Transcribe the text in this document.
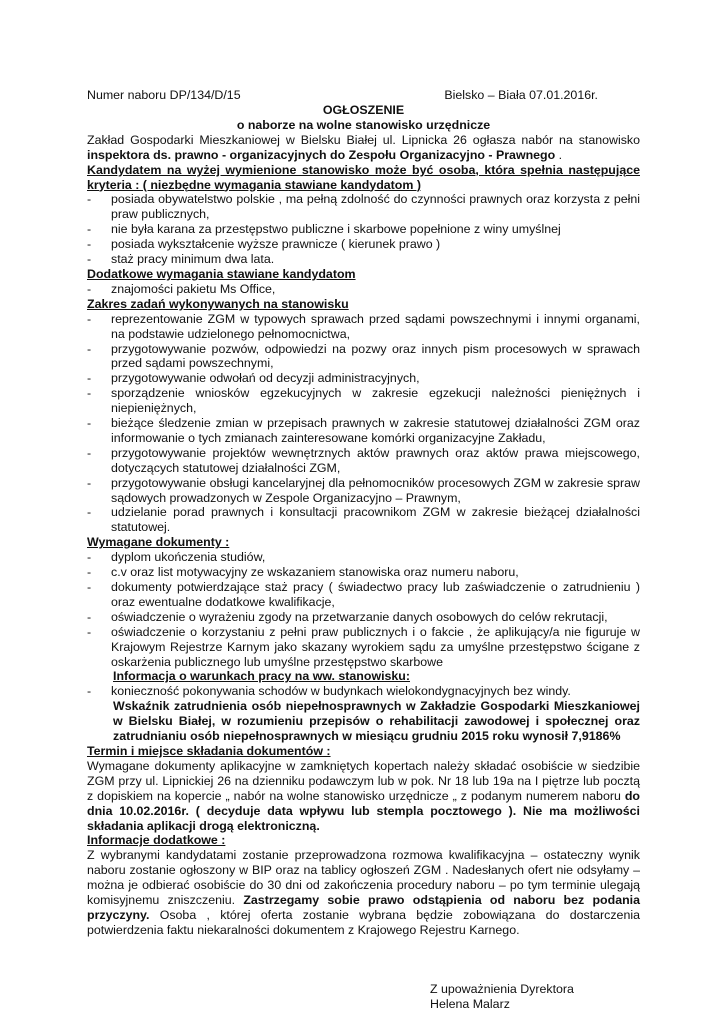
Numer naboru DP/134/D/15	Bielsko – Biała 07.01.2016r.
OGŁOSZENIE
o naborze na wolne stanowisko urzędnicze
Zakład Gospodarki Mieszkaniowej w Bielsku Białej ul. Lipnicka 26 ogłasza nabór na stanowisko inspektora ds. prawno - organizacyjnych do Zespołu Organizacyjno - Prawnego .
Kandydatem na wyżej wymienione stanowisko może być osoba, która spełnia następujące kryteria : ( niezbędne wymagania stawiane kandydatom )
- posiada obywatelstwo polskie , ma pełną zdolność do czynności prawnych oraz korzysta z pełni praw publicznych,
- nie była karana za przestępstwo publiczne i skarbowe popełnione z winy umyślnej
- posiada wykształcenie wyższe prawnicze ( kierunek prawo )
- staż pracy minimum dwa lata.
Dodatkowe wymagania stawiane kandydatom
- znajomości pakietu Ms Office,
Zakres zadań wykonywanych na stanowisku
- reprezentowanie ZGM w typowych sprawach przed sądami powszechnymi i innymi organami, na podstawie udzielonego pełnomocnictwa,
- przygotowywanie pozwów, odpowiedzi na pozwy oraz innych pism procesowych w sprawach przed sądami powszechnymi,
- przygotowywanie odwołań od decyzji administracyjnych,
- sporządzenie wniosków egzekucyjnych w zakresie egzekucji należności pieniężnych i niepieniężnych,
- bieżące śledzenie zmian w przepisach prawnych w zakresie statutowej działalności ZGM oraz informowanie o tych zmianach zainteresowane komórki organizacyjne Zakładu,
- przygotowywanie projektów wewnętrznych aktów prawnych oraz aktów prawa miejscowego, dotyczących statutowej działalności ZGM,
- przygotowywanie obsługi kancelaryjnej dla pełnomocników procesowych ZGM w zakresie spraw sądowych prowadzonych w Zespole Organizacyjno – Prawnym,
- udzielanie porad prawnych i konsultacji pracownikom ZGM w zakresie bieżącej działalności statutowej.
Wymagane dokumenty :
- dyplom ukończenia studiów,
- c.v oraz list motywacyjny ze wskazaniem stanowiska oraz numeru naboru,
- dokumenty potwierdzające staż pracy ( świadectwo pracy lub zaświadczenie o zatrudnieniu ) oraz ewentualne dodatkowe kwalifikacje,
- oświadczenie o wyrażeniu zgody na przetwarzanie danych osobowych do celów rekrutacji,
- oświadczenie o korzystaniu z pełni praw publicznych i o fakcie , że aplikujący/a nie figuruje w Krajowym Rejestrze Karnym jako skazany wyrokiem sądu za umyślne przestępstwo ścigane z oskarżenia publicznego lub umyślne przestępstwo skarbowe
Informacja o warunkach pracy na ww. stanowisku:
- konieczność pokonywania schodów w budynkach wielokondygnacyjnych bez windy.
Wskaźnik zatrudnienia osób niepełnosprawnych w Zakładzie Gospodarki Mieszkaniowej w Bielsku Białej, w rozumieniu przepisów o rehabilitacji zawodowej i społecznej oraz zatrudnianiu osób niepełnosprawnych w miesiącu grudniu 2015 roku wynosił 7,9186%
Termin i miejsce składania dokumentów :
Wymagane dokumenty aplikacyjne w zamkniętych kopertach należy składać osobiście w siedzibie ZGM przy ul. Lipnickiej 26 na dzienniku podawczym lub w pok. Nr 18 lub 19a na I piętrze lub pocztą z dopiskiem na kopercie „ nabór na wolne stanowisko urzędnicze „ z podanym numerem naboru do dnia 10.02.2016r. ( decyduje data wpływu lub stempla pocztowego ). Nie ma możliwości składania aplikacji drogą elektroniczną.
Informacje dodatkowe :
Z wybranymi kandydatami zostanie przeprowadzona rozmowa kwalifikacyjna – ostateczny wynik naboru zostanie ogłoszony w BIP oraz na tablicy ogłoszeń ZGM . Nadesłanych ofert nie odsyłamy – można je odbierać osobiście do 30 dni od zakończenia procedury naboru – po tym terminie ulegają komisyjnemu zniszczeniu. Zastrzegamy sobie prawo odstąpienia od naboru bez podania przyczyny. Osoba , której oferta zostanie wybrana będzie zobowiązana do dostarczenia potwierdzenia faktu niekaralności dokumentem z Krajowego Rejestru Karnego.
Z upoważnienia Dyrektora
Helena Malarz
